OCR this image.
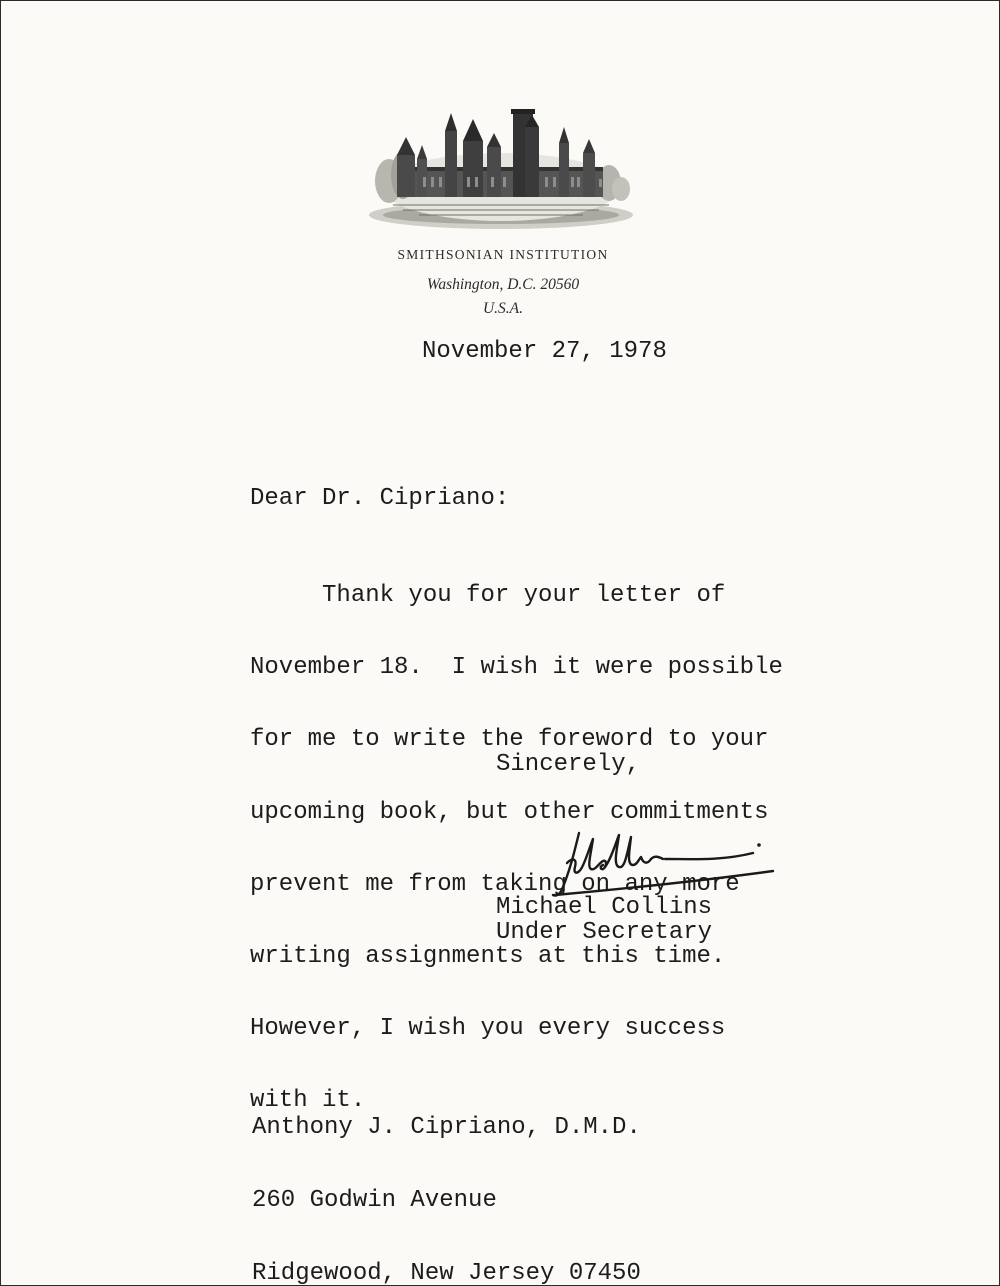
SMITHSONIAN INSTITUTION
Washington, D.C. 20560
U.S.A.
November 27, 1978
Dear Dr. Cipriano:

Thank you for your letter of

November 18.  I wish it were possible

for me to write the foreword to your

upcoming book, but other commitments

prevent me from taking on any more

writing assignments at this time.

However, I wish you every success

with it.

Sincerely,
Michael Collins
Under Secretary

Anthony J. Cipriano, D.M.D.

260 Godwin Avenue

Ridgewood, New Jersey 07450
